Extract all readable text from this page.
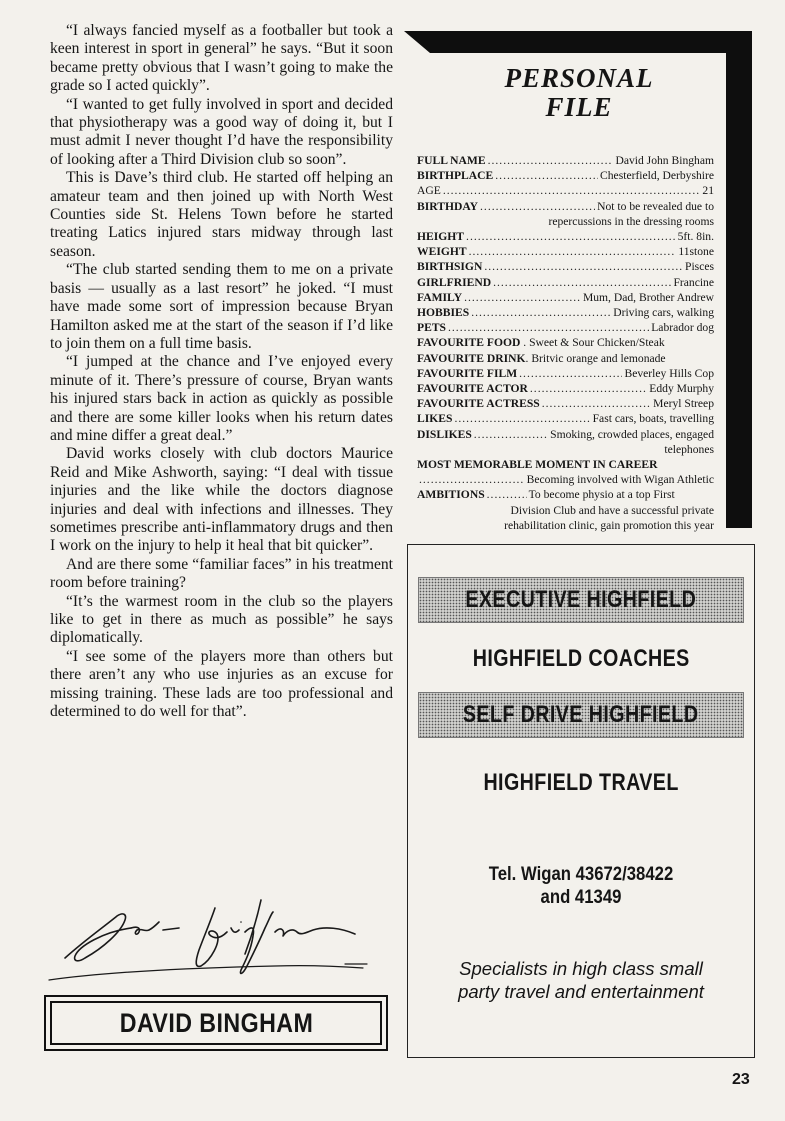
“I always fancied myself as a footballer but took a keen interest in sport in general” he says. “But it soon became pretty obvious that I wasn’t going to make the grade so I acted quickly”.

“I wanted to get fully involved in sport and decided that physiotherapy was a good way of doing it, but I must admit I never thought I’d have the responsibility of looking after a Third Division club so soon”.

This is Dave’s third club. He started off helping an amateur team and then joined up with North West Counties side St. Helens Town before he started treating Latics injured stars midway through last season.

“The club started sending them to me on a private basis — usually as a last resort” he joked. “I must have made some sort of impression because Bryan Hamilton asked me at the start of the season if I’d like to join them on a full time basis.

“I jumped at the chance and I’ve enjoyed every minute of it. There’s pressure of course, Bryan wants his injured stars back in action as quickly as possible and there are some killer looks when his return dates and mine differ a great deal.”

David works closely with club doctors Maurice Reid and Mike Ashworth, saying: “I deal with tissue injuries and the like while the doctors diagnose injuries and deal with infections and illnesses. They sometimes prescribe anti-inflammatory drugs and then I work on the injury to help it heal that bit quicker”.

And are there some “familiar faces” in his treatment room before training?

“It’s the warmest room in the club so the players like to get in there as much as possible” he says diplomatically.

“I see some of the players more than others but there aren’t any who use injuries as an excuse for missing training. These lads are too professional and determined to do well for that”.

DAVID BINGHAM
PERSONAL
FILE
FULL NAME .....	David John Bingham
BIRTHPLACE .....	Chesterfield, Derbyshire
AGE .....	21
BIRTHDAY .....	Not to be revealed due to
repercussions in the dressing rooms
HEIGHT .....	5ft. 8in.
WEIGHT .....	11stone
BIRTHSIGN .....	Pisces
GIRLFRIEND .....	Francine
FAMILY .....	Mum, Dad, Brother Andrew
HOBBIES .....	Driving cars, walking
PETS .....	Labrador dog
FAVOURITE FOOD . Sweet & Sour Chicken/Steak
FAVOURITE DRINK . Britvic orange and lemonade
FAVOURITE FILM .....	Beverley Hills Cop
FAVOURITE ACTOR .....	Eddy Murphy
FAVOURITE ACTRESS .....	Meryl Streep
LIKES .....	Fast cars, boats, travelling
DISLIKES .....	Smoking, crowded places, engaged
telephones
MOST MEMORABLE MOMENT IN CAREER
.....
Becoming involved with Wigan Athletic
AMBITIONS .....	To become physio at a top First
Division Club and have a successful private
rehabilitation clinic, gain promotion this year
EXECUTIVE HIGHFIELD
HIGHFIELD COACHES
SELF DRIVE HIGHFIELD
HIGHFIELD TRAVEL
Tel. Wigan 43672/38422
and 41349
Specialists in high class small
party travel and entertainment
23
